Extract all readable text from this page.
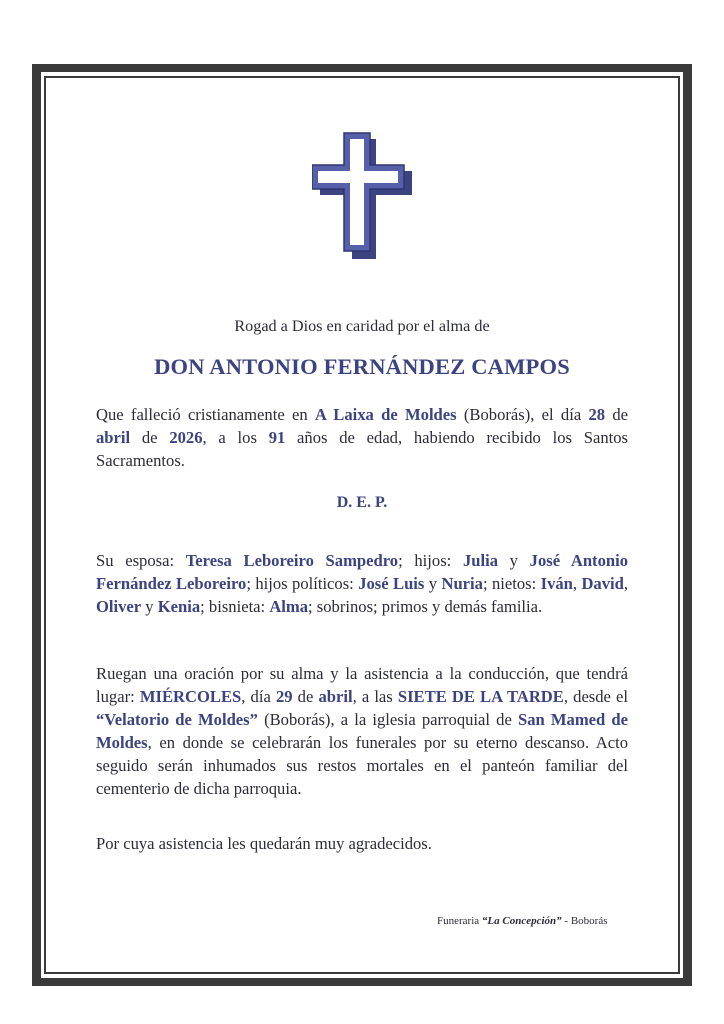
Rogad a Dios en caridad por el alma de
DON ANTONIO FERNÁNDEZ CAMPOS
Que falleció cristianamente en A Laixa de Moldes (Boborás), el día 28 de abril de 2026, a los 91 años de edad, habiendo recibido los Santos Sacramentos.
D. E. P.
Su esposa: Teresa Leboreiro Sampedro; hijos: Julia y José Antonio Fernández Leboreiro; hijos políticos: José Luis y Nuria; nietos: Iván, David, Oliver y Kenia; bisnieta: Alma; sobrinos; primos y demás familia.
Ruegan una oración por su alma y la asistencia a la conducción, que tendrá lugar: MIÉRCOLES, día 29 de abril, a las SIETE DE LA TARDE, desde el “Velatorio de Moldes” (Boborás), a la iglesia parroquial de San Mamed de Moldes, en donde se celebrarán los funerales por su eterno descanso. Acto seguido serán inhumados sus restos mortales en el panteón familiar del cementerio de dicha parroquia.
Por cuya asistencia les quedarán muy agradecidos.
Funeraria “La Concepción” - Boborás
